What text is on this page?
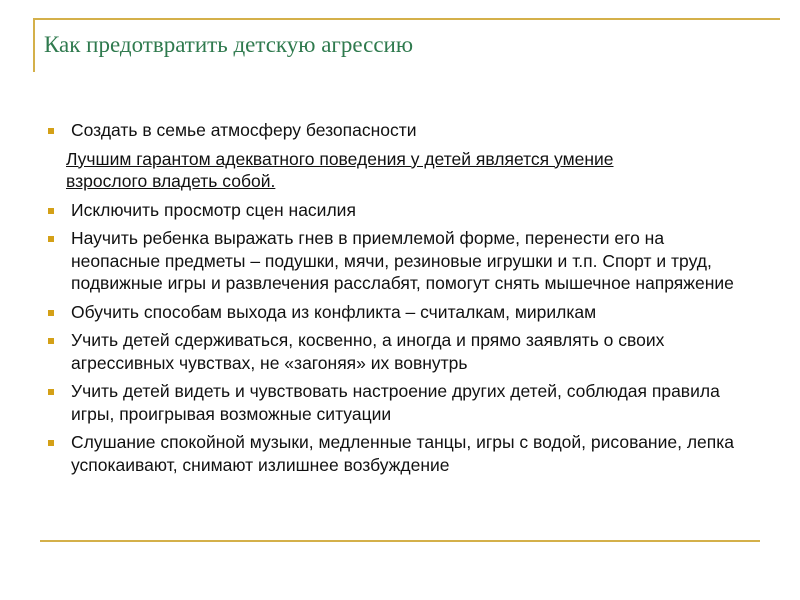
Как предотвратить детскую агрессию
Создать в семье атмосферу безопасности
Лучшим гарантом адекватного поведения у детей является умение взрослого владеть собой.
Исключить просмотр сцен насилия
Научить ребенка выражать гнев в приемлемой форме, перенести его на неопасные предметы – подушки, мячи, резиновые игрушки и т.п. Спорт и труд, подвижные игры и развлечения расслабят, помогут снять мышечное напряжение
Обучить способам выхода из конфликта – считалкам, мирилкам
Учить детей сдерживаться, косвенно, а иногда и прямо заявлять о своих агрессивных чувствах, не «загоняя» их вовнутрь
Учить детей видеть и чувствовать настроение других детей, соблюдая правила игры, проигрывая возможные ситуации
Слушание спокойной музыки, медленные танцы, игры с водой, рисование, лепка успокаивают, снимают излишнее возбуждение
